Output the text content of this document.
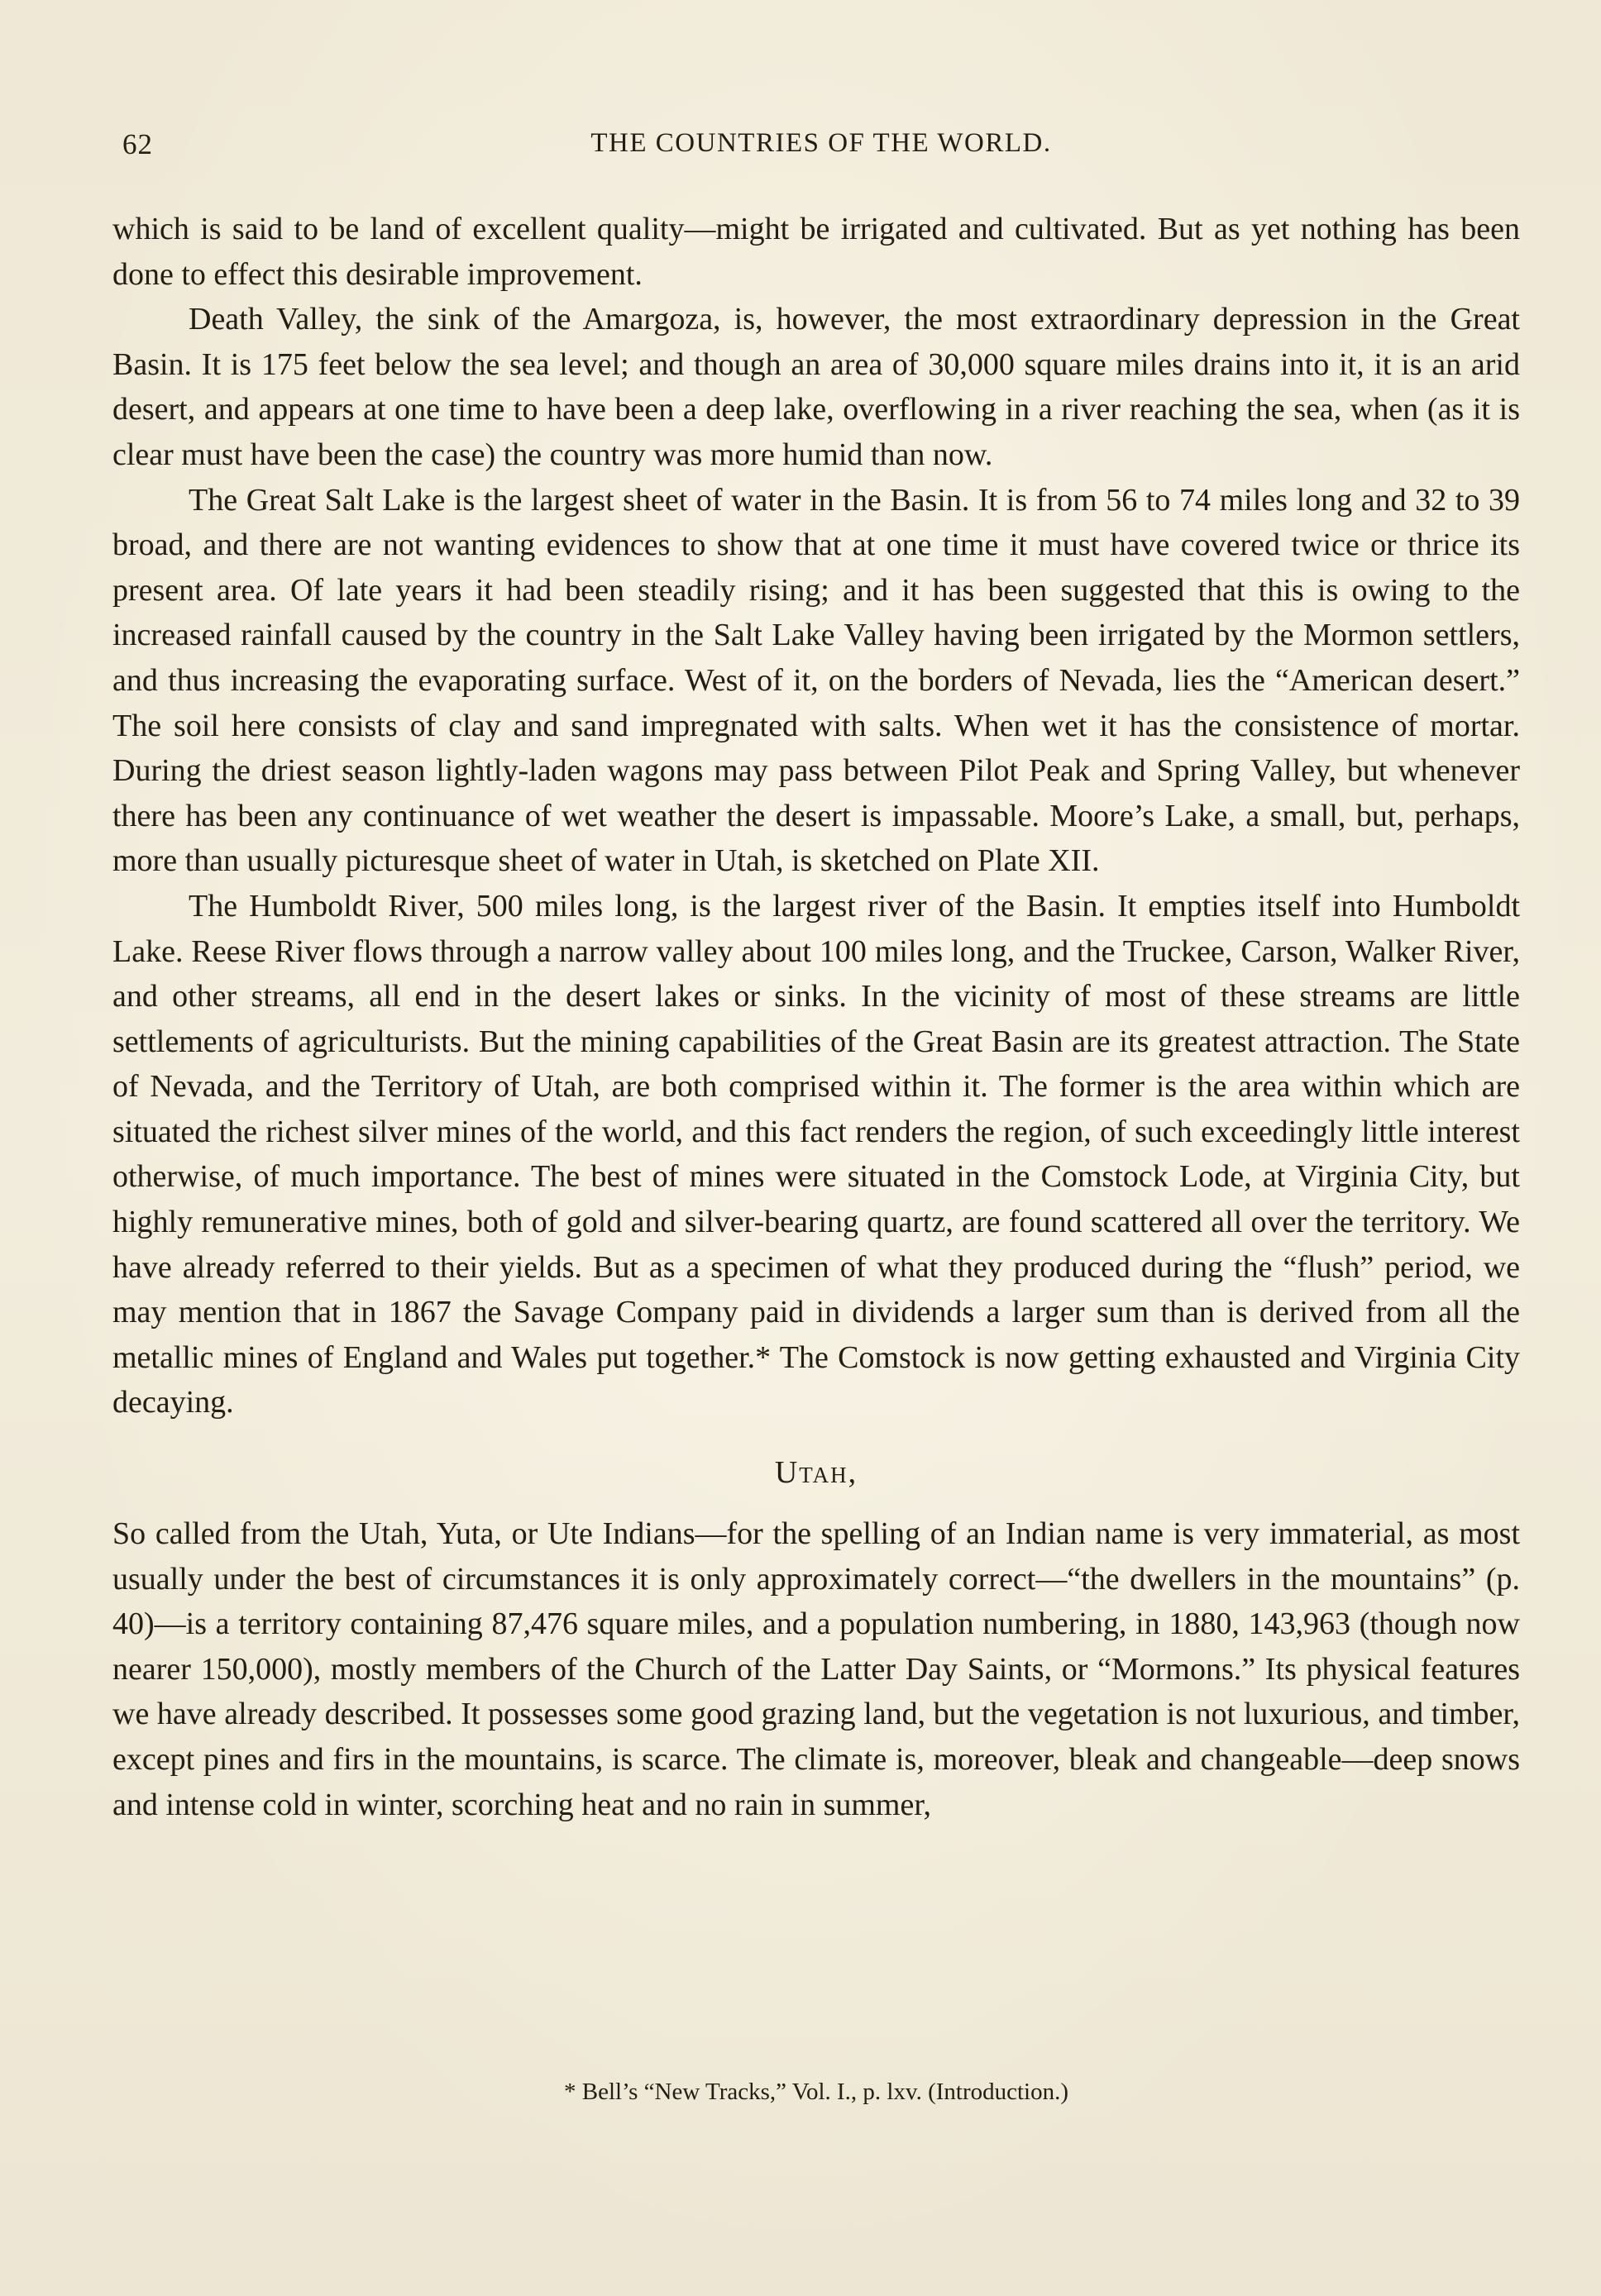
62	THE COUNTRIES OF THE WORLD.

which is said to be land of excellent quality—might be irrigated and cultivated. But as yet nothing has been done to effect this desirable improvement.

Death Valley, the sink of the Amargoza, is, however, the most extraordinary depression in the Great Basin. It is 175 feet below the sea level; and though an area of 30,000 square miles drains into it, it is an arid desert, and appears at one time to have been a deep lake, overflowing in a river reaching the sea, when (as it is clear must have been the case) the country was more humid than now.

The Great Salt Lake is the largest sheet of water in the Basin. It is from 56 to 74 miles long and 32 to 39 broad, and there are not wanting evidences to show that at one time it must have covered twice or thrice its present area. Of late years it had been steadily rising; and it has been suggested that this is owing to the increased rainfall caused by the country in the Salt Lake Valley having been irrigated by the Mormon settlers, and thus increasing the evaporating surface. West of it, on the borders of Nevada, lies the “American desert.” The soil here consists of clay and sand impregnated with salts. When wet it has the consistence of mortar. During the driest season lightly-laden wagons may pass between Pilot Peak and Spring Valley, but whenever there has been any continuance of wet weather the desert is impassable. Moore’s Lake, a small, but, perhaps, more than usually picturesque sheet of water in Utah, is sketched on Plate XII.

The Humboldt River, 500 miles long, is the largest river of the Basin. It empties itself into Humboldt Lake. Reese River flows through a narrow valley about 100 miles long, and the Truckee, Carson, Walker River, and other streams, all end in the desert lakes or sinks. In the vicinity of most of these streams are little settlements of agriculturists. But the mining capabilities of the Great Basin are its greatest attraction. The State of Nevada, and the Territory of Utah, are both comprised within it. The former is the area within which are situated the richest silver mines of the world, and this fact renders the region, of such exceedingly little interest otherwise, of much importance. The best of mines were situated in the Comstock Lode, at Virginia City, but highly remunerative mines, both of gold and silver-bearing quartz, are found scattered all over the territory. We have already referred to their yields. But as a specimen of what they produced during the “flush” period, we may mention that in 1867 the Savage Company paid in dividends a larger sum than is derived from all the metallic mines of England and Wales put together.* The Comstock is now getting exhausted and Virginia City decaying.

Utah,

So called from the Utah, Yuta, or Ute Indians—for the spelling of an Indian name is very immaterial, as most usually under the best of circumstances it is only approximately correct—“the dwellers in the mountains” (p. 40)—is a territory containing 87,476 square miles, and a population numbering, in 1880, 143,963 (though now nearer 150,000), mostly members of the Church of the Latter Day Saints, or “Mormons.” Its physical features we have already described. It possesses some good grazing land, but the vegetation is not luxurious, and timber, except pines and firs in the mountains, is scarce. The climate is, moreover, bleak and changeable—deep snows and intense cold in winter, scorching heat and no rain in summer,

* Bell’s “New Tracks,” Vol. I., p. lxv. (Introduction.)
